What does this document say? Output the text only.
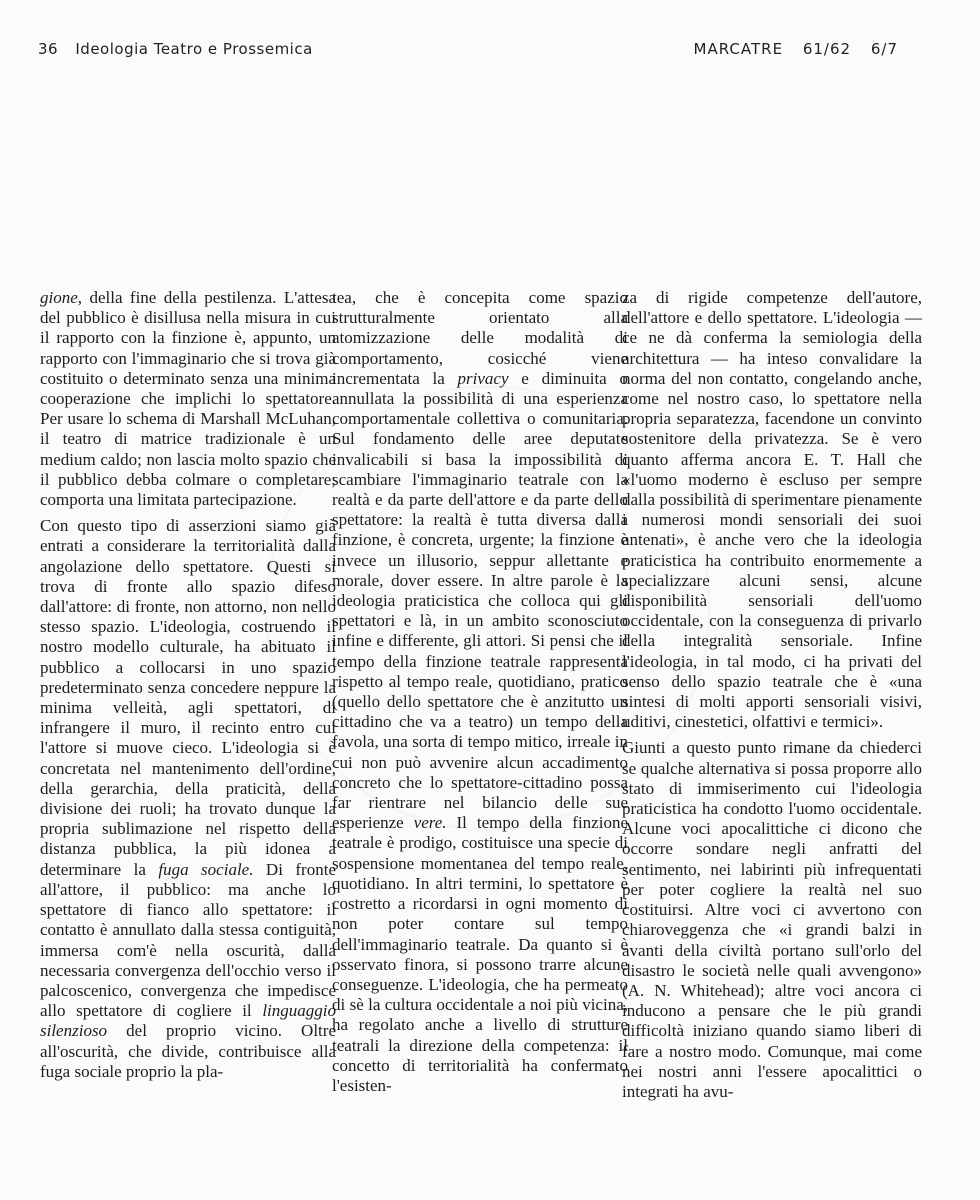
36 Ideologia Teatro e Prossemica	MARCATRE 61/62 6/7

gione, della fine della pestilenza. L'attesa del pubblico è disillusa nella misura in cui il rapporto con la finzione è, appunto, un rapporto con l'immaginario che si trova già costituito o determinato senza una minima cooperazione che implichi lo spettatore. Per usare lo schema di Marshall McLuhan, il teatro di matrice tradizionale è un medium caldo; non lascia molto spazio che il pubblico debba colmare o completare; comporta una limitata partecipazione.

Con questo tipo di asserzioni siamo già entrati a considerare la territorialità dalla angolazione dello spettatore. Questi si trova di fronte allo spazio difeso dall'attore: di fronte, non attorno, non nello stesso spazio. L'ideologia, costruendo il nostro modello culturale, ha abituato il pubblico a collocarsi in uno spazio predeterminato senza concedere neppure la minima velleità, agli spettatori, di infrangere il muro, il recinto entro cui l'attore si muove cieco. L'ideologia si è concretata nel mantenimento dell'ordine, della gerarchia, della praticità, della divisione dei ruoli; ha trovato dunque la propria sublimazione nel rispetto della distanza pubblica, la più idonea a determinare la fuga sociale. Di fronte all'attore, il pubblico: ma anche lo spettatore di fianco allo spettatore: il contatto è annullato dalla stessa contiguità, immersa com'è nella oscurità, dalla necessaria convergenza dell'occhio verso il palcoscenico, convergenza che impedisce allo spettatore di cogliere il linguaggio silenzioso del proprio vicino. Oltre all'oscurità, che divide, contribuisce alla fuga sociale proprio la pla-

tea, che è concepita come spazio strutturalmente orientato alla atomizzazione delle modalità di comportamento, cosicché viene incrementata la privacy e diminuita o annullata la possibilità di una esperienza comportamentale collettiva o comunitaria. Sul fondamento delle aree deputate invalicabili si basa la impossibilità di scambiare l'immaginario teatrale con la realtà e da parte dell'attore e da parte dello spettatore: la realtà è tutta diversa dalla finzione, è concreta, urgente; la finzione è invece un illusorio, seppur allettante e morale, dover essere. In altre parole è la ideologia praticistica che colloca qui gli spettatori e là, in un ambito sconosciuto infine e differente, gli attori. Si pensi che il tempo della finzione teatrale rappresenta rispetto al tempo reale, quotidiano, pratico (quello dello spettatore che è anzitutto un cittadino che va a teatro) un tempo della favola, una sorta di tempo mitico, irreale in cui non può avvenire alcun accadimento concreto che lo spettatore-cittadino possa far rientrare nel bilancio delle sue esperienze vere. Il tempo della finzione teatrale è prodigo, costituisce una specie di sospensione momentanea del tempo reale, quotidiano. In altri termini, lo spettatore è costretto a ricordarsi in ogni momento di non poter contare sul tempo dell'immaginario teatrale. Da quanto si è osservato finora, si possono trarre alcune conseguenze. L'ideologia, che ha permeato di sè la cultura occidentale a noi più vicina, ha regolato anche a livello di strutture teatrali la direzione della competenza: il concetto di territorialità ha confermato l'esisten-

za di rigide competenze dell'autore, dell'attore e dello spettatore. L'ideologia — ce ne dà conferma la semiologia della architettura — ha inteso convalidare la norma del non contatto, congelando anche, come nel nostro caso, lo spettatore nella propria separatezza, facendone un convinto sostenitore della privatezza. Se è vero quanto afferma ancora E. T. Hall che «l'uomo moderno è escluso per sempre dalla possibilità di sperimentare pienamente i numerosi mondi sensoriali dei suoi antenati», è anche vero che la ideologia praticistica ha contribuito enormemente a specializzare alcuni sensi, alcune disponibilità sensoriali dell'uomo occidentale, con la conseguenza di privarlo della integralità sensoriale. Infine l'ideologia, in tal modo, ci ha privati del senso dello spazio teatrale che è «una sintesi di molti apporti sensoriali visivi, uditivi, cinestetici, olfattivi e termici».

Giunti a questo punto rimane da chiederci se qualche alternativa si possa proporre allo stato di immiserimento cui l'ideologia praticistica ha condotto l'uomo occidentale. Alcune voci apocalittiche ci dicono che occorre sondare negli anfratti del sentimento, nei labirinti più infrequentati per poter cogliere la realtà nel suo costituirsi. Altre voci ci avvertono con chiaroveggenza che «i grandi balzi in avanti della civiltà portano sull'orlo del disastro le società nelle quali avvengono» (A. N. Whitehead); altre voci ancora ci inducono a pensare che le più grandi difficoltà iniziano quando siamo liberi di fare a nostro modo. Comunque, mai come nei nostri anni l'essere apocalittici o integrati ha avu-
